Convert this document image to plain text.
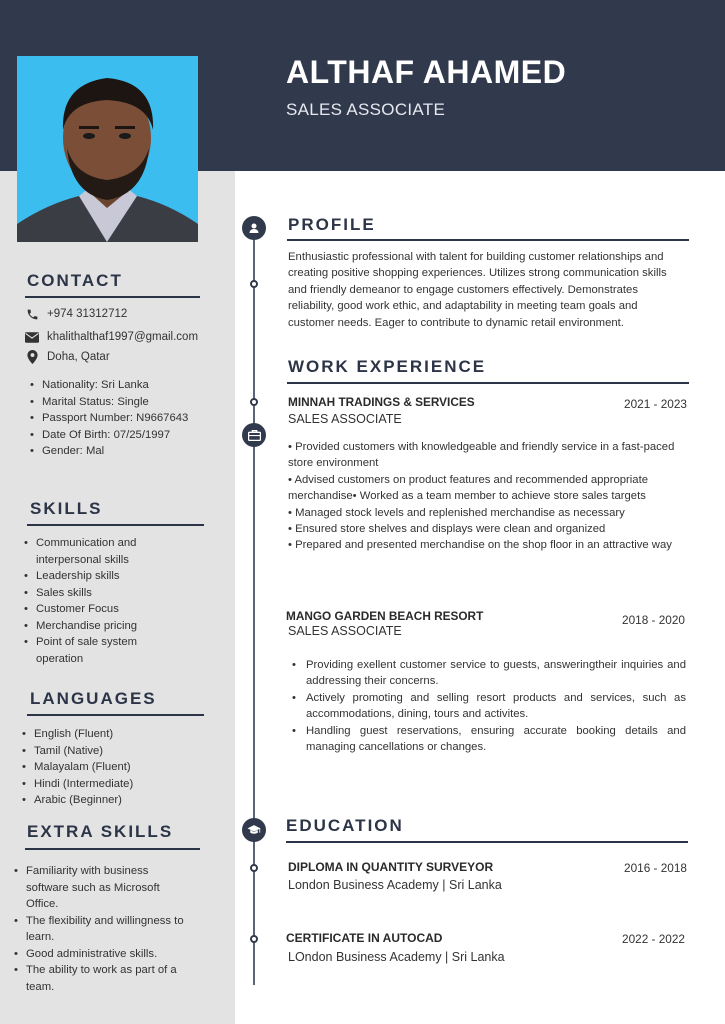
ALTHAF AHAMED
SALES ASSOCIATE
CONTACT
+974 31312712
khalithalthaf1997@gmail.com
Doha, Qatar
• Nationality: Sri Lanka
• Marital Status: Single
• Passport Number: N9667643
• Date Of Birth: 07/25/1997
• Gender: Mal
SKILLS
• Communication and interpersonal skills
• Leadership skills
• Sales skills
• Customer Focus
• Merchandise pricing
• Point of sale system operation
LANGUAGES
• English (Fluent)
• Tamil (Native)
• Malayalam (Fluent)
• Hindi (Intermediate)
• Arabic (Beginner)
EXTRA SKILLS
• Familiarity with business software such as Microsoft Office.
• The flexibility and willingness to learn.
• Good administrative skills.
• The ability to work as part of a team.
PROFILE
Enthusiastic professional with talent for building customer relationships and creating positive shopping experiences. Utilizes strong communication skills and friendly demeanor to engage customers effectively. Demonstrates reliability, good work ethic, and adaptability in meeting team goals and customer needs. Eager to contribute to dynamic retail environment.
WORK EXPERIENCE
MINNAH TRADINGS & SERVICES	2021 - 2023
SALES ASSOCIATE
• Provided customers with knowledgeable and friendly service in a fast-paced store environment
• Advised customers on product features and recommended appropriate merchandise• Worked as a team member to achieve store sales targets
• Managed stock levels and replenished merchandise as necessary
• Ensured store shelves and displays were clean and organized
• Prepared and presented merchandise on the shop floor in an attractive way
MANGO GARDEN BEACH RESORT	2018 - 2020
SALES ASSOCIATE
• Providing exellent customer service to guests, answeringtheir inquiries and addressing their concerns.
• Actively promoting and selling resort products and services, such as accommodations, dining, tours and activites.
• Handling guest reservations, ensuring accurate booking details and managing cancellations or changes.
EDUCATION
DIPLOMA IN QUANTITY SURVEYOR	2016 - 2018
London Business Academy | Sri Lanka
CERTIFICATE IN AUTOCAD	2022 - 2022
LOndon Business Academy | Sri Lanka
